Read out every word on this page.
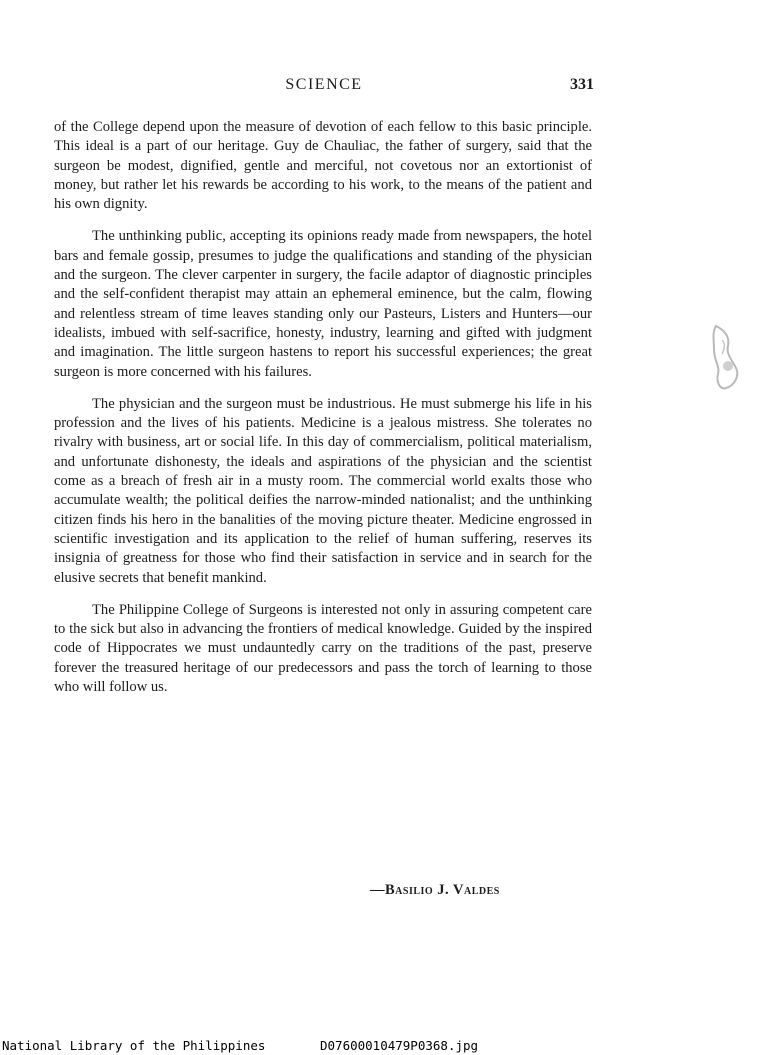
SCIENCE	331

of the College depend upon the measure of devotion of each fellow to this basic principle. This ideal is a part of our heritage. Guy de Chauliac, the father of surgery, said that the surgeon be modest, dignified, gentle and merciful, not covetous nor an extortionist of money, but rather let his rewards be according to his work, to the means of the patient and his own dignity.

The unthinking public, accepting its opinions ready made from newspapers, the hotel bars and female gossip, presumes to judge the qualifications and standing of the physician and the surgeon. The clever carpenter in surgery, the facile adaptor of diagnostic principles and the self-confident therapist may attain an ephemeral eminence, but the calm, flowing and relentless stream of time leaves standing only our Pasteurs, Listers and Hunters—our idealists, imbued with self-sacrifice, honesty, industry, learning and gifted with judgment and imagination. The little surgeon hastens to report his successful experiences; the great surgeon is more concerned with his failures.

The physician and the surgeon must be industrious. He must submerge his life in his profession and the lives of his patients. Medicine is a jealous mistress. She tolerates no rivalry with business, art or social life. In this day of commercialism, political materialism, and unfortunate dishonesty, the ideals and aspirations of the physician and the scientist come as a breach of fresh air in a musty room. The commercial world exalts those who accumulate wealth; the political deifies the narrow-minded nationalist; and the unthinking citizen finds his hero in the banalities of the moving picture theater. Medicine engrossed in scientific investigation and its application to the relief of human suffering, reserves its insignia of greatness for those who find their satisfaction in service and in search for the elusive secrets that benefit mankind.

The Philippine College of Surgeons is interested not only in assuring competent care to the sick but also in advancing the frontiers of medical knowledge. Guided by the inspired code of Hippocrates we must undauntedly carry on the traditions of the past, preserve forever the treasured heritage of our predecessors and pass the torch of learning to those who will follow us.

—Basilio J. Valdes
National Library of the Philippines	D07600010479P0368.jpg
